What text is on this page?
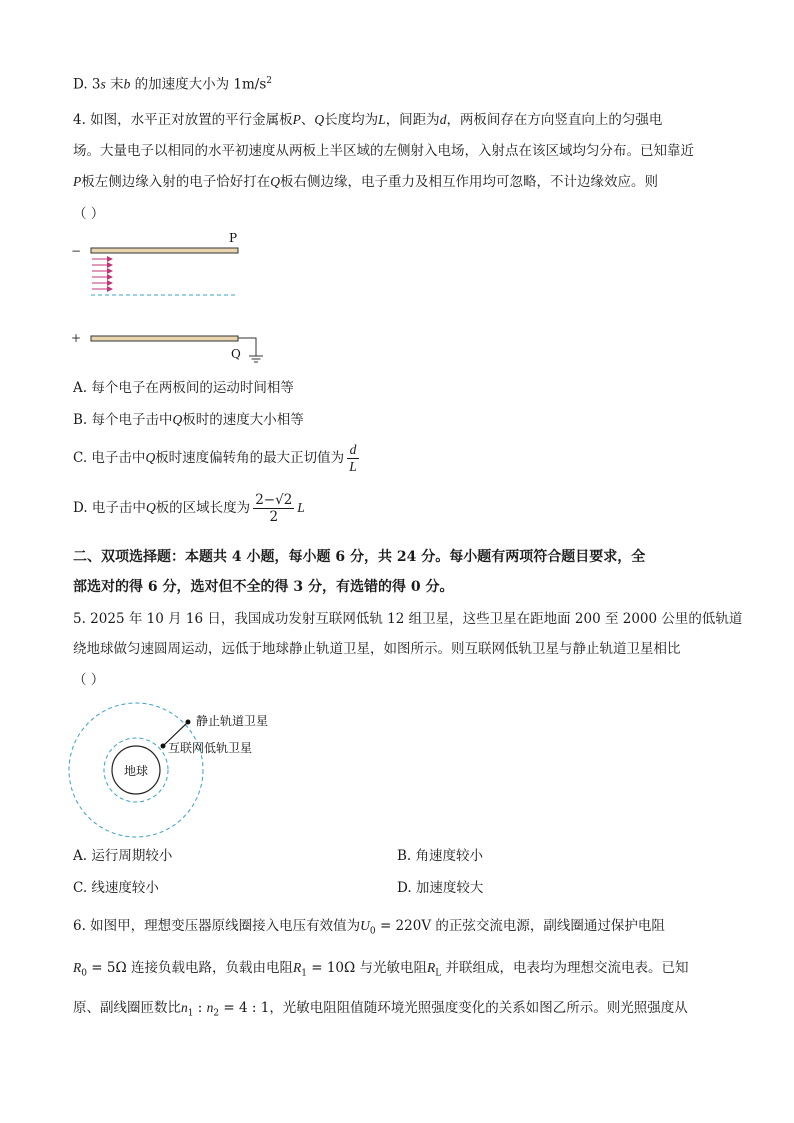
D. 3s 末b 的加速度大小为 $1m/s^2$
4. 如图，水平正对放置的平行金属板P、Q长度均为L，间距为d，两板间存在方向竖直向上的匀强电
场。大量电子以相同的水平初速度从两板上半区域的左侧射入电场，入射点在该区域均匀分布。已知靠近
P板左侧边缘入射的电子恰好打在Q板右侧边缘，电子重力及相互作用均可忽略，不计边缘效应。则
（ ）
−
P
+
Q
A. 每个电子在两板间的运动时间相等
B. 每个电子击中Q板时的速度大小相等
C. 电子击中Q板时速度偏转角的最大正切值为 $\frac{d}{L}$
D. 电子击中Q板的区域长度为 $\frac{2-√2}{2}$ L
二、双项选择题：本题共 4 小题，每小题 6 分，共 24 分。每小题有两项符合题目要求，全
部选对的得 6 分，选对但不全的得 3 分，有选错的得 0 分。
5. 2025 年 10 月 16 日，我国成功发射互联网低轨 12 组卫星，这些卫星在距地面 200 至 2000 公里的低轨道
绕地球做匀速圆周运动，远低于地球静止轨道卫星，如图所示。则互联网低轨卫星与静止轨道卫星相比
（ ）
地球
静止轨道卫星
互联网低轨卫星
A. 运行周期较小	B. 角速度较小
C. 线速度较小	D. 加速度较大
6. 如图甲，理想变压器原线圈接入电压有效值为$U_0 = 220V$ 的正弦交流电源，副线圈通过保护电阻
$R_0 = 5\Omega$ 连接负载电路，负载由电阻$R_1 = 10\Omega$ 与光敏电阻$R_L$ 并联组成，电表均为理想交流电表。已知
原、副线圈匝数比$n_1$ : $n_2 = 4$ : 1，光敏电阻阻值随环境光照强度变化的关系如图乙所示。则光照强度从
